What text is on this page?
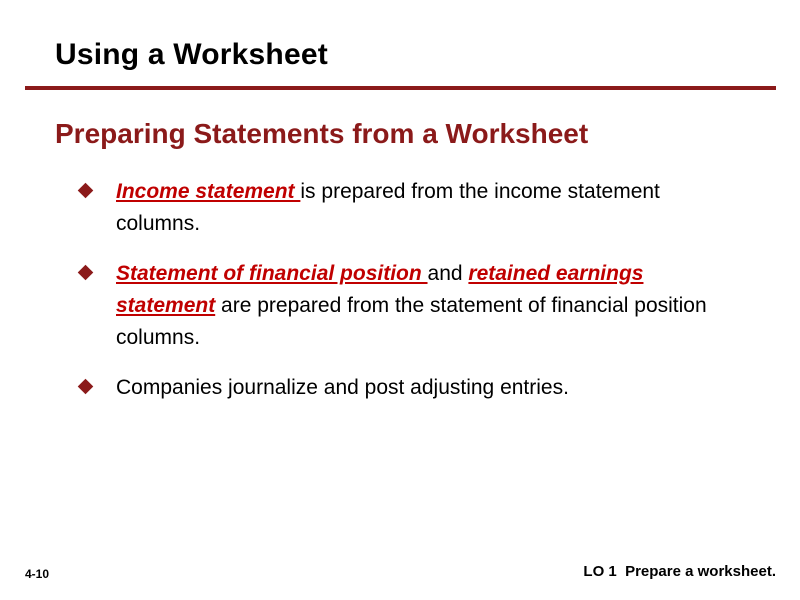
Using a Worksheet
Preparing Statements from a Worksheet
Income statement is prepared from the income statement columns.
Statement of financial position and retained earnings statement are prepared from the statement of financial position columns.
Companies journalize and post adjusting entries.
4-10	LO 1  Prepare a worksheet.
